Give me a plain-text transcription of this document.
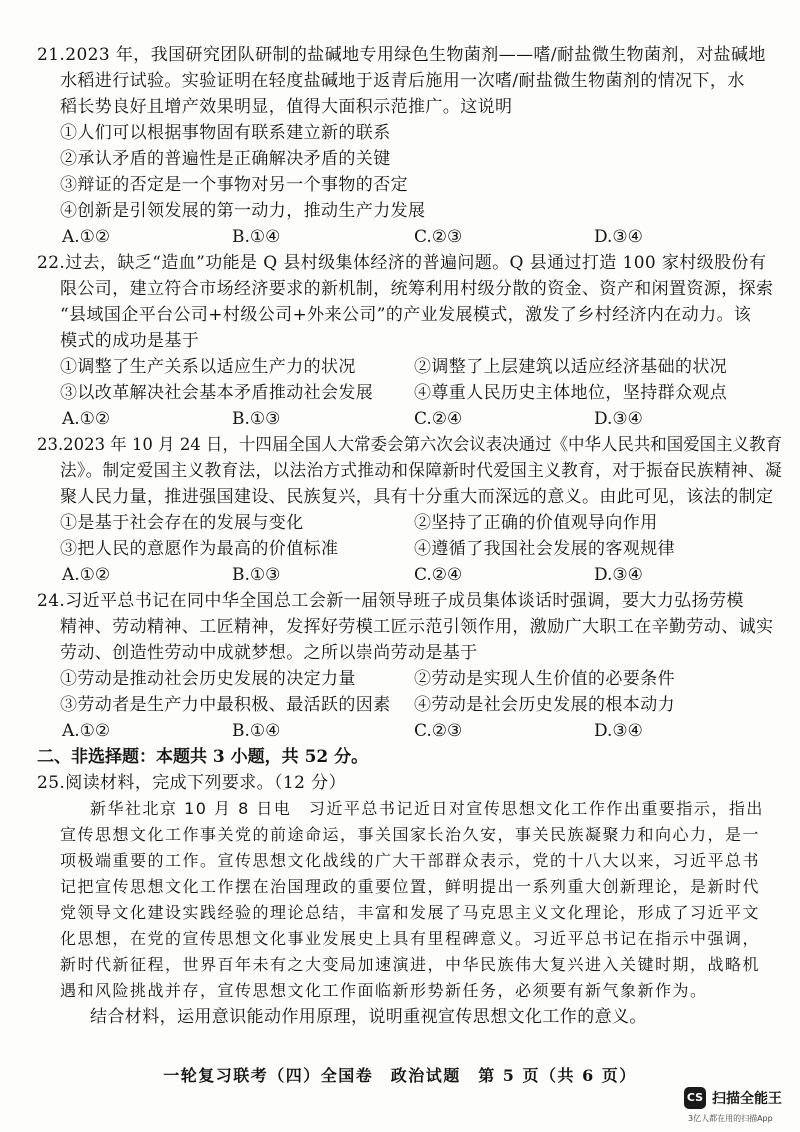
21.2023 年，我国研究团队研制的盐碱地专用绿色生物菌剂——嗜/耐盐微生物菌剂，对盐碱地
水稻进行试验。实验证明在轻度盐碱地于返青后施用一次嗜/耐盐微生物菌剂的情况下，水
稻长势良好且增产效果明显，值得大面积示范推广。这说明
①人们可以根据事物固有联系建立新的联系
②承认矛盾的普遍性是正确解决矛盾的关键
③辩证的否定是一个事物对另一个事物的否定
④创新是引领发展的第一动力，推动生产力发展
A.①②	B.①④	C.②③	D.③④
22.过去，缺乏“造血”功能是 Q 县村级集体经济的普遍问题。Q 县通过打造 100 家村级股份有
限公司，建立符合市场经济要求的新机制，统筹利用村级分散的资金、资产和闲置资源，探索
“县域国企平台公司+村级公司+外来公司”的产业发展模式，激发了乡村经济内在动力。该
模式的成功是基于
①调整了生产关系以适应生产力的状况	②调整了上层建筑以适应经济基础的状况
③以改革解决社会基本矛盾推动社会发展 ④尊重人民历史主体地位，坚持群众观点
A.①②	B.①③	C.②④	D.③④
23.2023 年 10 月 24 日，十四届全国人大常委会第六次会议表决通过《中华人民共和国爱国主义教育
法》。制定爱国主义教育法，以法治方式推动和保障新时代爱国主义教育，对于振奋民族精神、凝
聚人民力量，推进强国建设、民族复兴，具有十分重大而深远的意义。由此可见，该法的制定
①是基于社会存在的发展与变化	②坚持了正确的价值观导向作用
③把人民的意愿作为最高的价值标准	④遵循了我国社会发展的客观规律
A.①②	B.①③	C.②④	D.③④
24.习近平总书记在同中华全国总工会新一届领导班子成员集体谈话时强调，要大力弘扬劳模
精神、劳动精神、工匠精神，发挥好劳模工匠示范引领作用，激励广大职工在辛勤劳动、诚实
劳动、创造性劳动中成就梦想。之所以崇尚劳动是基于
①劳动是推动社会历史发展的决定力量	②劳动是实现人生价值的必要条件
③劳动者是生产力中最积极、最活跃的因素 ④劳动是社会历史发展的根本动力
A.①②	B.①④	C.②③	D.③④
二、非选择题：本题共 3 小题，共 52 分。
25.阅读材料，完成下列要求。（12 分）
新华社北京 10 月 8 日电　习近平总书记近日对宣传思想文化工作作出重要指示，指出
宣传思想文化工作事关党的前途命运，事关国家长治久安，事关民族凝聚力和向心力，是一
项极端重要的工作。宣传思想文化战线的广大干部群众表示，党的十八大以来，习近平总书
记把宣传思想文化工作摆在治国理政的重要位置，鲜明提出一系列重大创新理论，是新时代
党领导文化建设实践经验的理论总结，丰富和发展了马克思主义文化理论，形成了习近平文
化思想，在党的宣传思想文化事业发展史上具有里程碑意义。习近平总书记在指示中强调，
新时代新征程，世界百年未有之大变局加速演进，中华民族伟大复兴进入关键时期，战略机
遇和风险挑战并存，宣传思想文化工作面临新形势新任务，必须要有新气象新作为。
结合材料，运用意识能动作用原理，说明重视宣传思想文化工作的意义。
一轮复习联考（四）全国卷　政治试题　第 5 页（共 6 页）
CS 扫描全能王
3亿人都在用的扫描App
